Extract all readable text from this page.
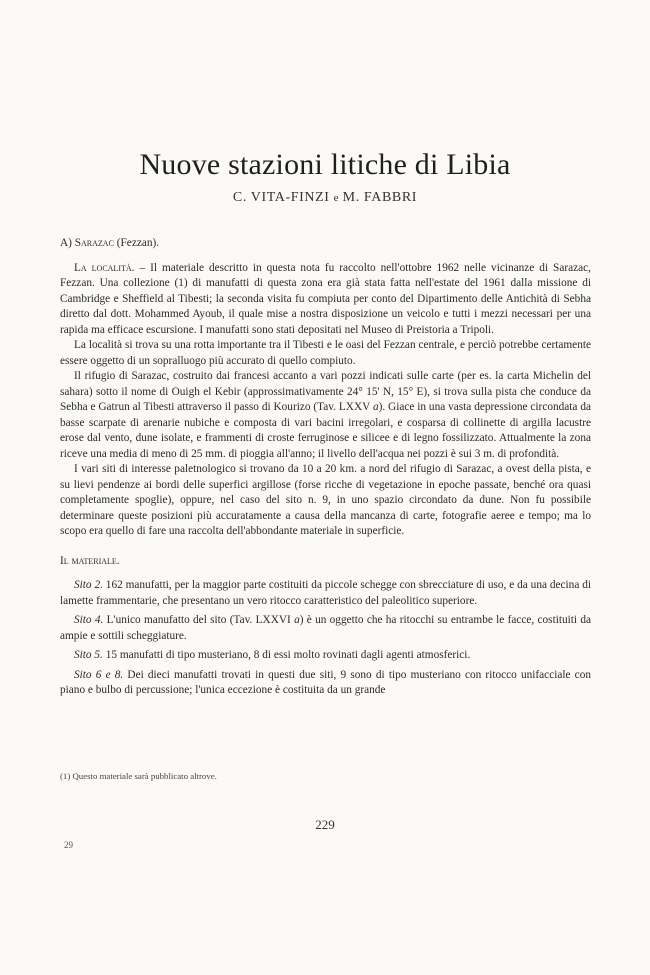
Nuove stazioni litiche di Libia
C. VITA-FINZI e M. FABBRI

A) Sarazac (Fezzan).

La località. – Il materiale descritto in questa nota fu raccolto nell'ottobre 1962 nelle vicinanze di Sarazac, Fezzan. Una collezione (1) di manufatti di questa zona era già stata fatta nell'estate del 1961 dalla missione di Cambridge e Sheffield al Tibesti; la seconda visita fu compiuta per conto del Dipartimento delle Antichità di Sebha diretto dal dott. Mohammed Ayoub, il quale mise a nostra disposizione un veicolo e tutti i mezzi necessari per una rapida ma efficace escursione. I manufatti sono stati depositati nel Museo di Preistoria a Tripoli.

La località si trova su una rotta importante tra il Tibesti e le oasi del Fezzan centrale, e perciò potrebbe certamente essere oggetto di un sopralluogo più accurato di quello compiuto.

Il rifugio di Sarazac, costruito dai francesi accanto a vari pozzi indicati sulle carte (per es. la carta Michelin del sahara) sotto il nome di Ouigh el Kebir (approssimativamente 24° 15' N, 15° E), si trova sulla pista che conduce da Sebha e Gatrun al Tibesti attraverso il passo di Kourizo (Tav. LXXV a). Giace in una vasta depressione circondata da basse scarpate di arenarie nubiche e composta di vari bacini irregolari, e cosparsa di collinette di argilla lacustre erose dal vento, dune isolate, e frammenti di croste ferruginose e silicee e di legno fossilizzato. Attualmente la zona riceve una media di meno di 25 mm. di pioggia all'anno; il livello dell'acqua nei pozzi è sui 3 m. di profondità.

I vari siti di interesse paletnologico si trovano da 10 a 20 km. a nord del rifugio di Sarazac, a ovest della pista, e su lievi pendenze ai bordi delle superfici argillose (forse ricche di vegetazione in epoche passate, benché ora quasi completamente spoglie), oppure, nel caso del sito n. 9, in uno spazio circondato da dune. Non fu possibile determinare queste posizioni più accuratamente a causa della mancanza di carte, fotografie aeree e tempo; ma lo scopo era quello di fare una raccolta dell'abbondante materiale in superficie.

Il materiale.

Sito 2. 162 manufatti, per la maggior parte costituiti da piccole schegge con sbrecciature di uso, e da una decina di lamette frammentarie, che presentano un vero ritocco caratteristico del paleolitico superiore.

Sito 4. L'unico manufatto del sito (Tav. LXXVI a) è un oggetto che ha ritocchi su entrambe le facce, costituiti da ampie e sottili scheggiature.

Sito 5. 15 manufatti di tipo musteriano, 8 di essi molto rovinati dagli agenti atmosferici.

Sito 6 e 8. Dei dieci manufatti trovati in questi due siti, 9 sono di tipo musteriano con ritocco unifacciale con piano e bulbo di percussione; l'unica eccezione è costituita da un grande

(1) Questo materiale sarà pubblicato altrove.
229
29
